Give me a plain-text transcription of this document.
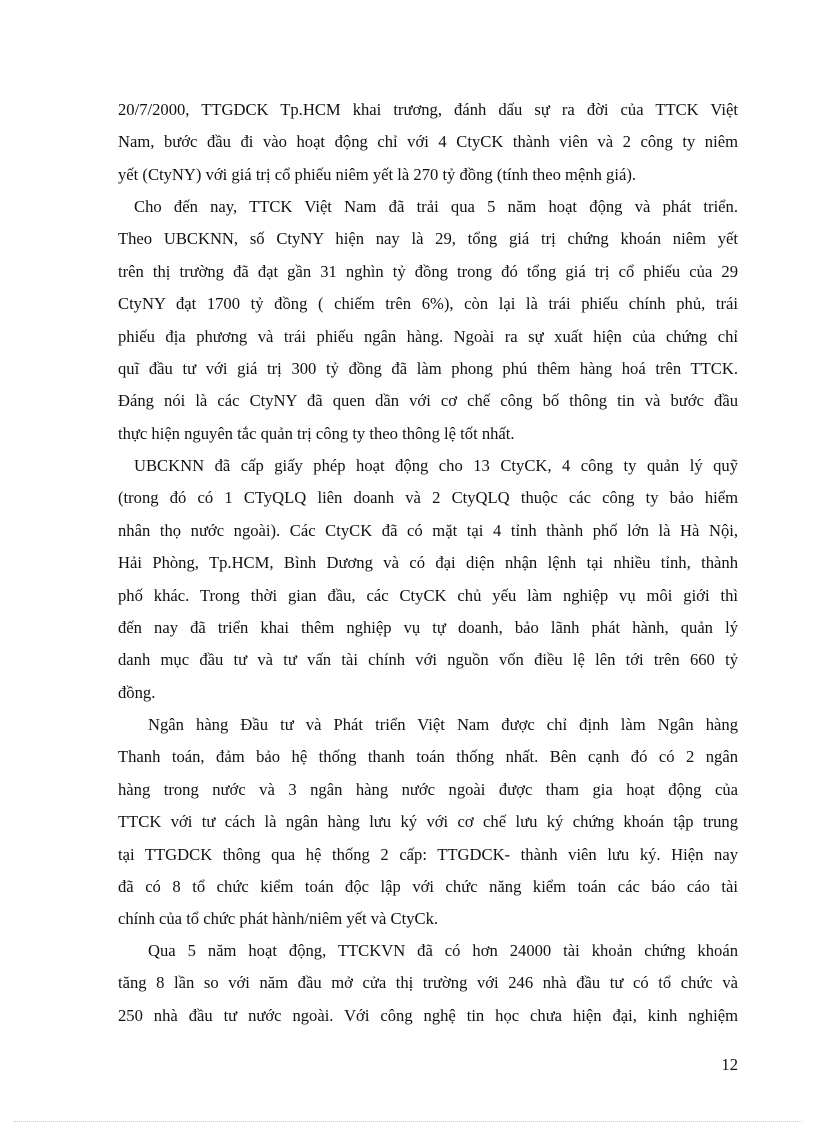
20/7/2000, TTGDCK Tp.HCM khai trương, đánh dấu sự ra đời của TTCK Việt
Nam, bước đầu đi vào hoạt động chỉ với 4 CtyCK thành viên và 2 công ty niêm
yết (CtyNY) với giá trị cổ phiếu niêm yết là 270 tỷ đồng (tính theo mệnh giá).
Cho đến nay, TTCK Việt Nam đã trải qua 5 năm hoạt động và phát triển.
Theo UBCKNN, số CtyNY hiện nay là 29, tổng giá trị chứng khoán niêm yết
trên thị trường đã đạt gần 31 nghìn tỷ đồng trong đó tổng giá trị cổ phiếu của 29
CtyNY đạt 1700 tỷ đồng ( chiếm trên 6%), còn lại là trái phiếu chính phủ, trái
phiếu địa phương và trái phiếu ngân hàng. Ngoài ra sự xuất hiện của chứng chỉ
quĩ đầu tư với giá trị 300 tỷ đồng đã làm phong phú thêm hàng hoá trên TTCK.
Đáng nói là các CtyNY đã quen dần với cơ chế công bố thông tin và bước đầu
thực hiện nguyên tắc quản trị công ty theo thông lệ tốt nhất.
UBCKNN đã cấp giấy phép hoạt động cho 13 CtyCK, 4 công ty quản lý quỹ
(trong đó có 1 CTyQLQ liên doanh và 2 CtyQLQ thuộc các công ty bảo hiểm
nhân thọ nước ngoài). Các CtyCK đã có mặt tại 4 tỉnh thành phố lớn là Hà Nội,
Hải Phòng, Tp.HCM, Bình Dương và có đại diện nhận lệnh tại nhiều tỉnh, thành
phố khác. Trong thời gian đầu, các CtyCK chủ yếu làm nghiệp vụ môi giới thì
đến nay đã triển khai thêm nghiệp vụ tự doanh, bảo lãnh phát hành, quản lý
danh mục đầu tư và tư vấn tài chính với nguồn vốn điều lệ lên tới trên 660 tỷ
đồng.
Ngân hàng Đầu tư và Phát triển Việt Nam được chỉ định làm Ngân hàng
Thanh toán, đảm bảo hệ thống thanh toán thống nhất. Bên cạnh đó có 2 ngân
hàng trong nước và 3 ngân hàng nước ngoài được tham gia hoạt động của
TTCK với tư cách là ngân hàng lưu ký với cơ chế lưu ký chứng khoán tập trung
tại TTGDCK thông qua hệ thống 2 cấp: TTGDCK- thành viên lưu ký. Hiện nay
đã có 8 tổ chức kiểm toán độc lập với chức năng kiểm toán các báo cáo tài
chính của tổ chức phát hành/niêm yết và CtyCk.
Qua 5 năm hoạt động, TTCKVN đã có hơn 24000 tài khoản chứng khoán
tăng 8 lần so với năm đầu mở cửa thị trường với 246 nhà đầu tư có tổ chức và
250 nhà đầu tư nước ngoài. Với công nghệ tin học chưa hiện đại, kinh nghiệm
12
